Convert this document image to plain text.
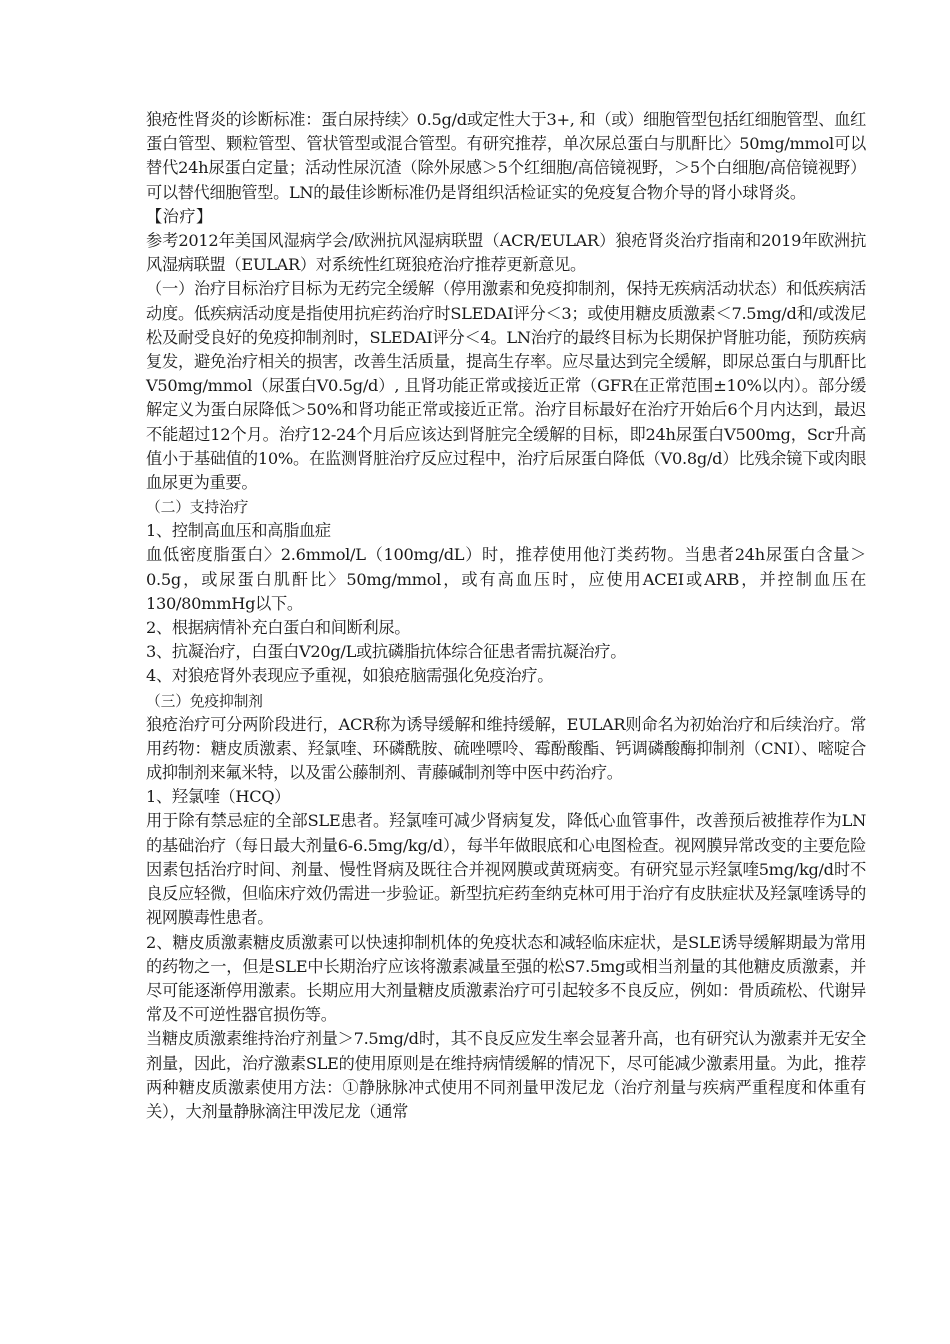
狼疮性肾炎的诊断标准：蛋白尿持续〉0.5g/d或定性大于3+, 和（或）细胞管型包括红细胞管型、血红蛋白管型、颗粒管型、管状管型或混合管型。有研究推荐，单次尿总蛋白与肌酐比〉50mg/mmol可以替代24h尿蛋白定量；活动性尿沉渣（除外尿感＞5个红细胞/高倍镜视野，＞5个白细胞/高倍镜视野）可以替代细胞管型。LN的最佳诊断标准仍是肾组织活检证实的免疫复合物介导的肾小球肾炎。

【治疗】

参考2012年美国风湿病学会/欧洲抗风湿病联盟（ACR/EULAR）狼疮肾炎治疗指南和2019年欧洲抗风湿病联盟（EULAR）对系统性红斑狼疮治疗推荐更新意见。

（一）治疗目标治疗目标为无药完全缓解（停用激素和免疫抑制剂，保持无疾病活动状态）和低疾病活动度。低疾病活动度是指使用抗疟药治疗时SLEDAI评分＜3；或使用糖皮质激素＜7.5mg/d和/或泼尼松及耐受良好的免疫抑制剂时，SLEDAI评分＜4。LN治疗的最终目标为长期保护肾脏功能，预防疾病复发，避免治疗相关的损害，改善生活质量，提高生存率。应尽量达到完全缓解，即尿总蛋白与肌酐比V50mg/mmol（尿蛋白V0.5g/d）, 且肾功能正常或接近正常（GFR在正常范围±10%以内）。部分缓解定义为蛋白尿降低＞50%和肾功能正常或接近正常。治疗目标最好在治疗开始后6个月内达到，最迟不能超过12个月。治疗12-24个月后应该达到肾脏完全缓解的目标，即24h尿蛋白V500mg，Scr升高值小于基础值的10%。在监测肾脏治疗反应过程中，治疗后尿蛋白降低（V0.8g/d）比残余镜下或肉眼血尿更为重要。

（二）支持治疗

1、控制高血压和高脂血症

血低密度脂蛋白〉2.6mmol/L（100mg/dL）时，推荐使用他汀类药物。当患者24h尿蛋白含量＞0.5g，或尿蛋白肌酐比〉50mg/mmol，或有高血压时，应使用ACEI或ARB，并控制血压在130/80mmHg以下。

2、根据病情补充白蛋白和间断利尿。

3、抗凝治疗，白蛋白V20g/L或抗磷脂抗体综合征患者需抗凝治疗。

4、对狼疮肾外表现应予重视，如狼疮脑需强化免疫治疗。

（三）免疫抑制剂

狼疮治疗可分两阶段进行，ACR称为诱导缓解和维持缓解，EULAR则命名为初始治疗和后续治疗。常用药物：糖皮质激素、羟氯喹、环磷酰胺、硫唑嘌呤、霉酚酸酯、钙调磷酸酶抑制剂（CNI）、嘧啶合成抑制剂来氟米特，以及雷公藤制剂、青藤碱制剂等中医中药治疗。

1、羟氯喹（HCQ）

用于除有禁忌症的全部SLE患者。羟氯喹可减少肾病复发，降低心血管事件，改善预后被推荐作为LN的基础治疗（每日最大剂量6-6.5mg/kg/d），每半年做眼底和心电图检查。视网膜异常改变的主要危险因素包括治疗时间、剂量、慢性肾病及既往合并视网膜或黄斑病变。有研究显示羟氯喹5mg/kg/d时不良反应轻微，但临床疗效仍需进一步验证。新型抗疟药奎纳克林可用于治疗有皮肤症状及羟氯喹诱导的视网膜毒性患者。

2、糖皮质激素糖皮质激素可以快速抑制机体的免疫状态和减轻临床症状，是SLE诱导缓解期最为常用的药物之一，但是SLE中长期治疗应该将激素减量至强的松S7.5mg或相当剂量的其他糖皮质激素，并尽可能逐渐停用激素。长期应用大剂量糖皮质激素治疗可引起较多不良反应，例如：骨质疏松、代谢异常及不可逆性器官损伤等。

当糖皮质激素维持治疗剂量＞7.5mg/d时，其不良反应发生率会显著升高，也有研究认为激素并无安全剂量，因此，治疗激素SLE的使用原则是在维持病情缓解的情况下，尽可能减少激素用量。为此，推荐两种糖皮质激素使用方法：①静脉脉冲式使用不同剂量甲泼尼龙（治疗剂量与疾病严重程度和体重有关），大剂量静脉滴注甲泼尼龙（通常
